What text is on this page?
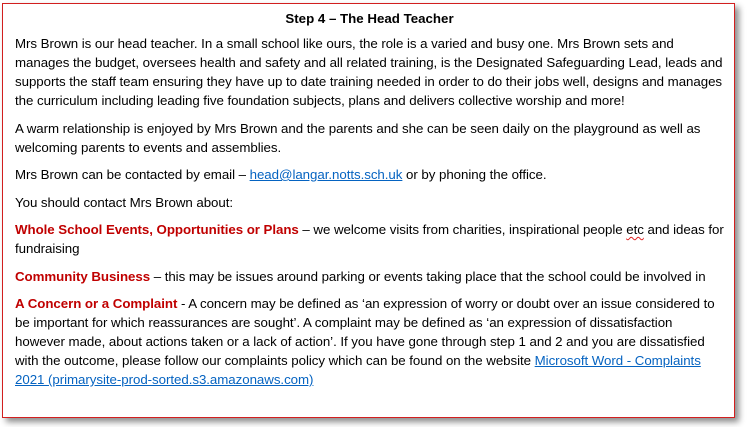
Step 4 – The Head Teacher

Mrs Brown is our head teacher. In a small school like ours, the role is a varied and busy one. Mrs Brown sets and manages the budget, oversees health and safety and all related training, is the Designated Safeguarding Lead, leads and supports the staff team ensuring they have up to date training needed in order to do their jobs well, designs and manages the curriculum including leading five foundation subjects, plans and delivers collective worship and more!

A warm relationship is enjoyed by Mrs Brown and the parents and she can be seen daily on the playground as well as welcoming parents to events and assemblies.

Mrs Brown can be contacted by email – head@langar.notts.sch.uk or by phoning the office.

You should contact Mrs Brown about:

Whole School Events, Opportunities or Plans – we welcome visits from charities, inspirational people etc and ideas for fundraising

Community Business – this may be issues around parking or events taking place that the school could be involved in

A Concern or a Complaint - A concern may be defined as ‘an expression of worry or doubt over an issue considered to be important for which reassurances are sought’. A complaint may be defined as ‘an expression of dissatisfaction however made, about actions taken or a lack of action’. If you have gone through step 1 and 2 and you are dissatisfied with the outcome, please follow our complaints policy which can be found on the website Microsoft Word - Complaints 2021 (primarysite-prod-sorted.s3.amazonaws.com)
